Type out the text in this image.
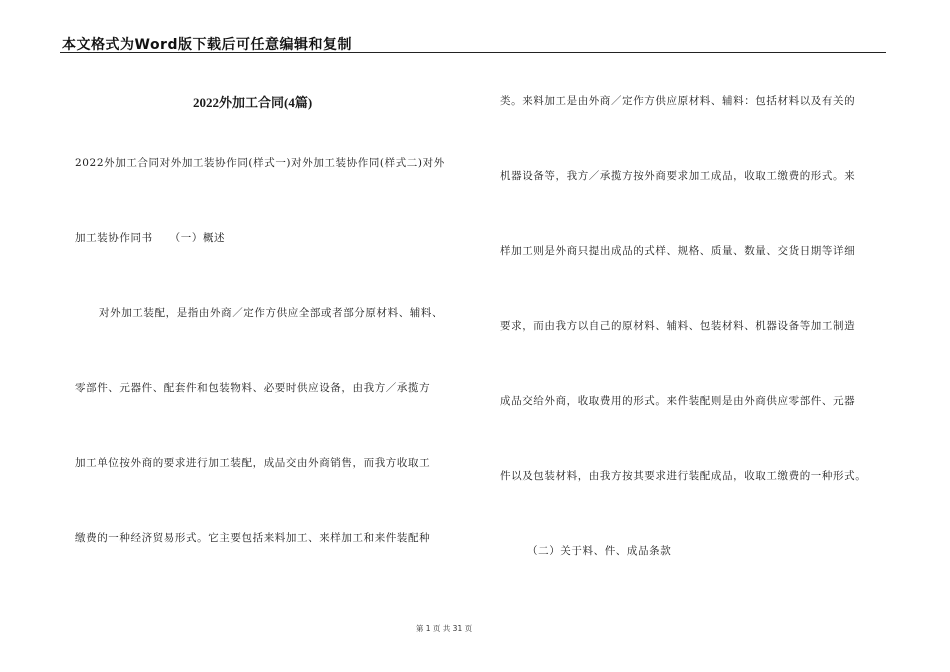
本文格式为Word版下载后可任意编辑和复制
2022外加工合同(4篇)
2022外加工合同对外加工装协作同(样式一)对外加工装协作同(样式二)对外
加工装协作同书　　（一）概述
对外加工装配，是指由外商／定作方供应全部或者部分原材料、辅料、
零部件、元器件、配套件和包装物料、必要时供应设备，由我方／承揽方
加工单位按外商的要求进行加工装配，成品交由外商销售，而我方收取工
缴费的一种经济贸易形式。它主要包括来料加工、来样加工和来件装配种
类。来料加工是由外商／定作方供应原材料、辅料：包括材料以及有关的
机器设备等，我方／承揽方按外商要求加工成品，收取工缴费的形式。来
样加工则是外商只提出成品的式样、规格、质量、数量、交货日期等详细
要求，而由我方以自己的原材料、辅料、包装材料、机器设备等加工制造
成品交给外商，收取费用的形式。来件装配则是由外商供应零部件、元器
件以及包装材料，由我方按其要求进行装配成品，收取工缴费的一种形式。
（二）关于料、件、成品条款
第 1 页 共 31 页
